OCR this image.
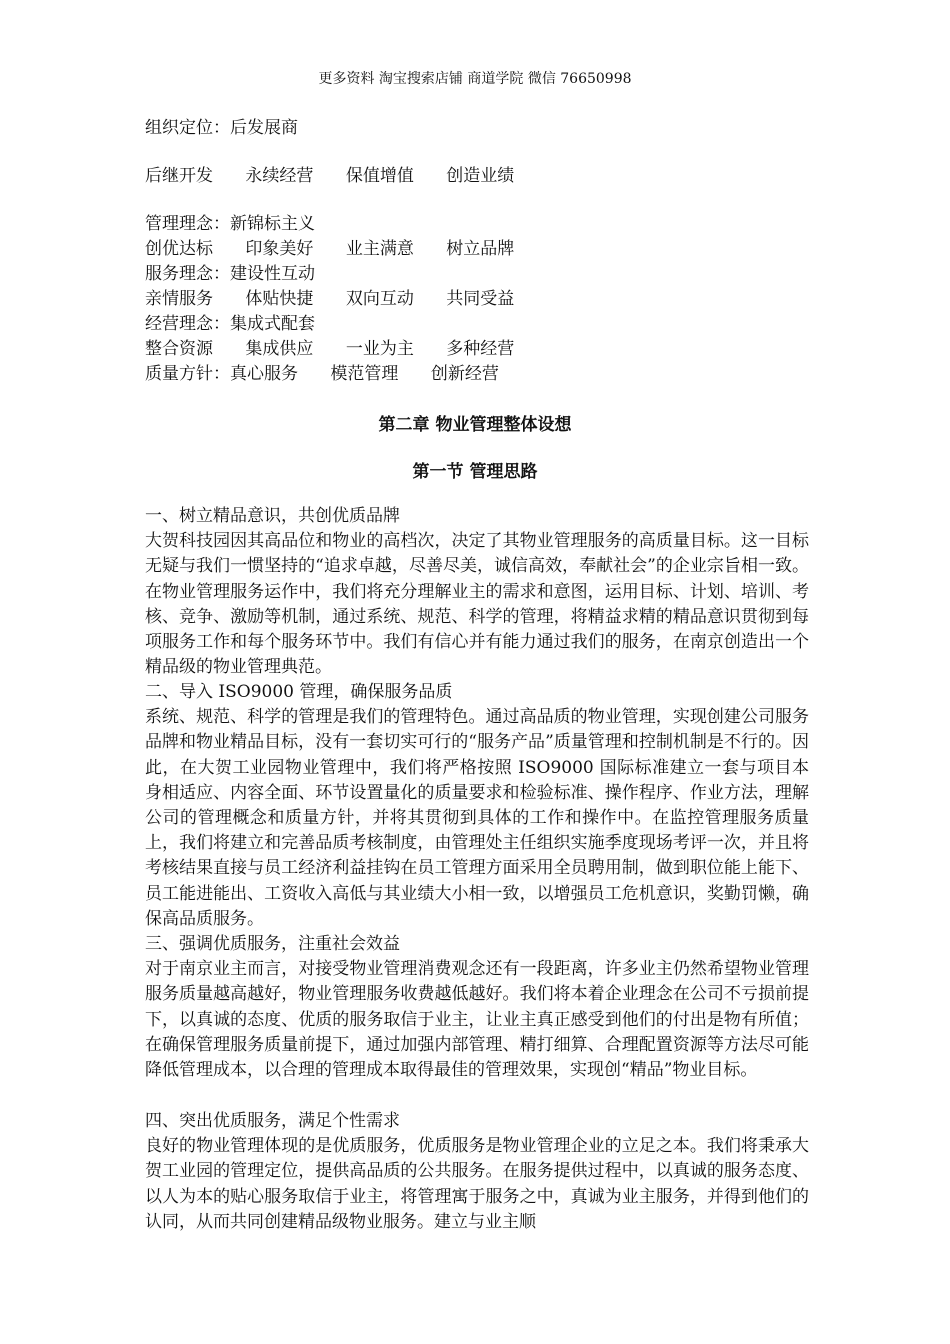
更多资料 淘宝搜索店铺 商道学院 微信 76650998
组织定位：后发展商
后继开发      永续经营      保值增值      创造业绩
管理理念：新锦标主义
创优达标      印象美好      业主满意      树立品牌
服务理念：建设性互动
亲情服务      体贴快捷      双向互动      共同受益
经营理念：集成式配套
整合资源      集成供应      一业为主      多种经营
质量方针：真心服务      模范管理      创新经营
第二章 物业管理整体设想
第一节 管理思路
一、树立精品意识，共创优质品牌
大贺科技园因其高品位和物业的高档次，决定了其物业管理服务的高质量目标。这一目标无疑与我们一惯坚持的“追求卓越，尽善尽美，诚信高效，奉献社会”的企业宗旨相一致。在物业管理服务运作中，我们将充分理解业主的需求和意图，运用目标、计划、培训、考核、竞争、激励等机制，通过系统、规范、科学的管理，将精益求精的精品意识贯彻到每项服务工作和每个服务环节中。我们有信心并有能力通过我们的服务，在南京创造出一个精品级的物业管理典范。
二、导入 ISO9000 管理，确保服务品质
系统、规范、科学的管理是我们的管理特色。通过高品质的物业管理，实现创建公司服务品牌和物业精品目标，没有一套切实可行的“服务产品”质量管理和控制机制是不行的。因此，在大贺工业园物业管理中，我们将严格按照 ISO9000 国际标准建立一套与项目本身相适应、内容全面、环节设置量化的质量要求和检验标准、操作程序、作业方法，理解公司的管理概念和质量方针，并将其贯彻到具体的工作和操作中。在监控管理服务质量上，我们将建立和完善品质考核制度，由管理处主任组织实施季度现场考评一次，并且将考核结果直接与员工经济利益挂钩在员工管理方面采用全员聘用制，做到职位能上能下、员工能进能出、工资收入高低与其业绩大小相一致，以增强员工危机意识，奖勤罚懒，确保高品质服务。
三、强调优质服务，注重社会效益
对于南京业主而言，对接受物业管理消费观念还有一段距离，许多业主仍然希望物业管理服务质量越高越好，物业管理服务收费越低越好。我们将本着企业理念在公司不亏损前提下，以真诚的态度、优质的服务取信于业主，让业主真正感受到他们的付出是物有所值；在确保管理服务质量前提下，通过加强内部管理、精打细算、合理配置资源等方法尽可能降低管理成本，以合理的管理成本取得最佳的管理效果，实现创“精品”物业目标。
四、突出优质服务，满足个性需求
良好的物业管理体现的是优质服务，优质服务是物业管理企业的立足之本。我们将秉承大贺工业园的管理定位，提供高品质的公共服务。在服务提供过程中，以真诚的服务态度、以人为本的贴心服务取信于业主，将管理寓于服务之中，真诚为业主服务，并得到他们的认同，从而共同创建精品级物业服务。建立与业主顺
